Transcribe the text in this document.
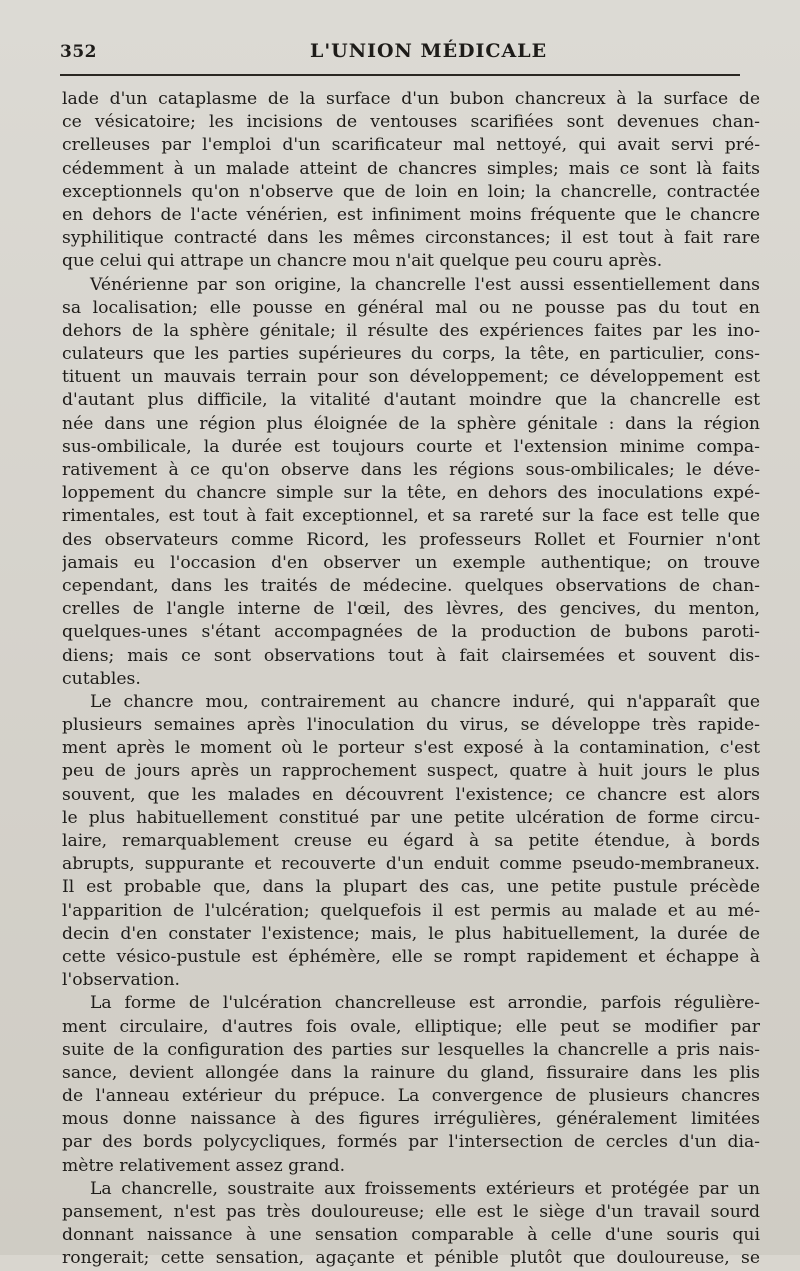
352	L'UNION MÉDICALE
lade d'un cataplasme de la surface d'un bubon chancreux à la surface de
ce vésicatoire; les incisions de ventouses scarifiées sont devenues chan-
crelleuses par l'emploi d'un scarificateur mal nettoyé, qui avait servi pré-
cédemment à un malade atteint de chancres simples; mais ce sont là faits
exceptionnels qu'on n'observe que de loin en loin; la chancrelle, contractée
en dehors de l'acte vénérien, est infiniment moins fréquente que le chancre
syphilitique contracté dans les mêmes circonstances; il est tout à fait rare
que celui qui attrape un chancre mou n'ait quelque peu couru après.
Vénérienne par son origine, la chancrelle l'est aussi essentiellement dans
sa localisation; elle pousse en général mal ou ne pousse pas du tout en
dehors de la sphère génitale; il résulte des expériences faites par les ino-
culateurs que les parties supérieures du corps, la tête, en particulier, cons-
tituent un mauvais terrain pour son développement; ce développement est
d'autant plus difficile, la vitalité d'autant moindre que la chancrelle est
née dans une région plus éloignée de la sphère génitale : dans la région
sus-ombilicale, la durée est toujours courte et l'extension minime compa-
rativement à ce qu'on observe dans les régions sous-ombilicales; le déve-
loppement du chancre simple sur la tête, en dehors des inoculations expé-
rimentales, est tout à fait exceptionnel, et sa rareté sur la face est telle que
des observateurs comme Ricord, les professeurs Rollet et Fournier n'ont
jamais eu l'occasion d'en observer un exemple authentique; on trouve
cependant, dans les traités de médecine. quelques observations de chan-
crelles de l'angle interne de l'œil, des lèvres, des gencives, du menton,
quelques-unes s'étant accompagnées de la production de bubons paroti-
diens; mais ce sont observations tout à fait clairsemées et souvent dis-
cutables.
Le chancre mou, contrairement au chancre induré, qui n'apparaît que
plusieurs semaines après l'inoculation du virus, se développe très rapide-
ment après le moment où le porteur s'est exposé à la contamination, c'est
peu de jours après un rapprochement suspect, quatre à huit jours le plus
souvent, que les malades en découvrent l'existence; ce chancre est alors
le plus habituellement constitué par une petite ulcération de forme circu-
laire, remarquablement creuse eu égard à sa petite étendue, à bords
abrupts, suppurante et recouverte d'un enduit comme pseudo-membraneux.
Il est probable que, dans la plupart des cas, une petite pustule précède
l'apparition de l'ulcération; quelquefois il est permis au malade et au mé-
decin d'en constater l'existence; mais, le plus habituellement, la durée de
cette vésico-pustule est éphémère, elle se rompt rapidement et échappe à
l'observation.
La forme de l'ulcération chancrelleuse est arrondie, parfois régulière-
ment circulaire, d'autres fois ovale, elliptique; elle peut se modifier par
suite de la configuration des parties sur lesquelles la chancrelle a pris nais-
sance, devient allongée dans la rainure du gland, fissuraire dans les plis
de l'anneau extérieur du prépuce. La convergence de plusieurs chancres
mous donne naissance à des figures irrégulières, généralement limitées
par des bords polycycliques, formés par l'intersection de cercles d'un dia-
mètre relativement assez grand.
La chancrelle, soustraite aux froissements extérieurs et protégée par un
pansement, n'est pas très douloureuse; elle est le siège d'un travail sourd
donnant naissance à une sensation comparable à celle d'une souris qui
rongerait; cette sensation, agaçante et pénible plutôt que douloureuse, se
